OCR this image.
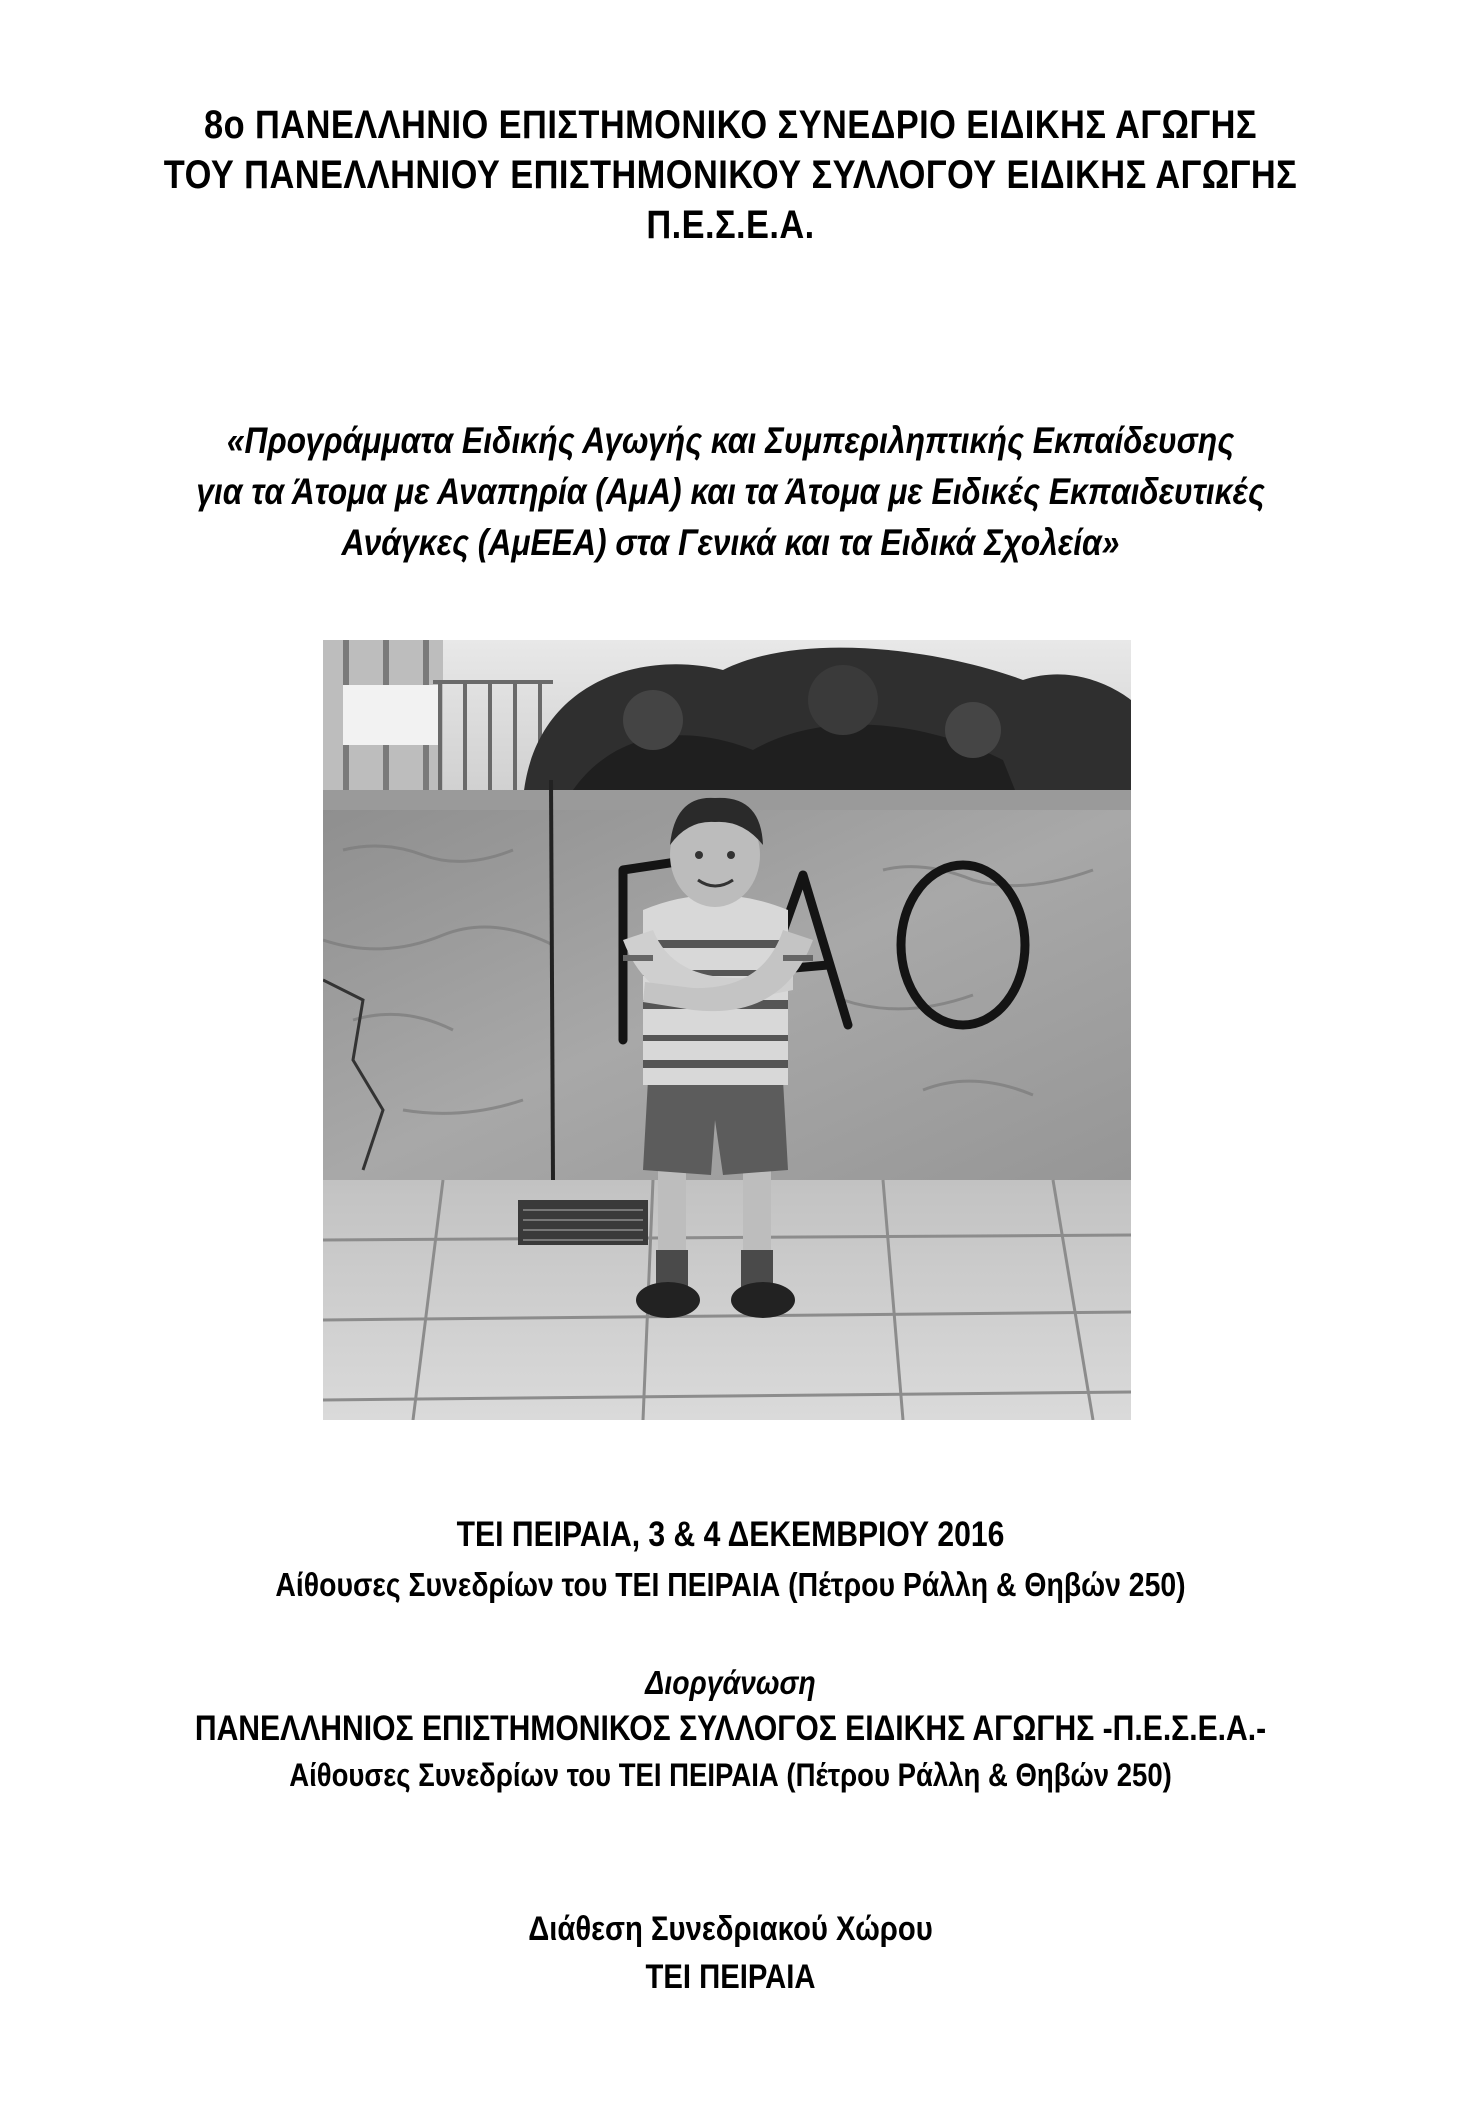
8ο ΠΑΝΕΛΛΗΝΙΟ ΕΠΙΣΤΗΜΟΝΙΚΟ ΣΥΝΕΔΡΙΟ ΕΙΔΙΚΗΣ ΑΓΩΓΗΣ
ΤΟΥ ΠΑΝΕΛΛΗΝΙΟΥ ΕΠΙΣΤΗΜΟΝΙΚΟΥ ΣΥΛΛΟΓΟΥ ΕΙΔΙΚΗΣ ΑΓΩΓΗΣ
Π.Ε.Σ.Ε.Α.
«Προγράμματα Ειδικής Αγωγής και Συμπεριληπτικής Εκπαίδευσης
για τα Άτομα με Αναπηρία (ΑμΑ) και τα Άτομα με Ειδικές Εκπαιδευτικές
Ανάγκες (ΑμΕΕΑ) στα Γενικά και τα Ειδικά Σχολεία»
ΤΕΙ ΠΕΙΡΑΙΑ, 3 & 4 ΔΕΚΕΜΒΡΙΟΥ 2016
Αίθουσες Συνεδρίων του ΤΕΙ ΠΕΙΡΑΙΑ (Πέτρου Ράλλη & Θηβών 250)
Διοργάνωση
ΠΑΝΕΛΛΗΝΙΟΣ ΕΠΙΣΤΗΜΟΝΙΚΟΣ ΣΥΛΛΟΓΟΣ ΕΙΔΙΚΗΣ ΑΓΩΓΗΣ -Π.Ε.Σ.Ε.Α.-
Αίθουσες Συνεδρίων του ΤΕΙ ΠΕΙΡΑΙΑ (Πέτρου Ράλλη & Θηβών 250)
Διάθεση Συνεδριακού Χώρου
ΤΕΙ ΠΕΙΡΑΙΑ
